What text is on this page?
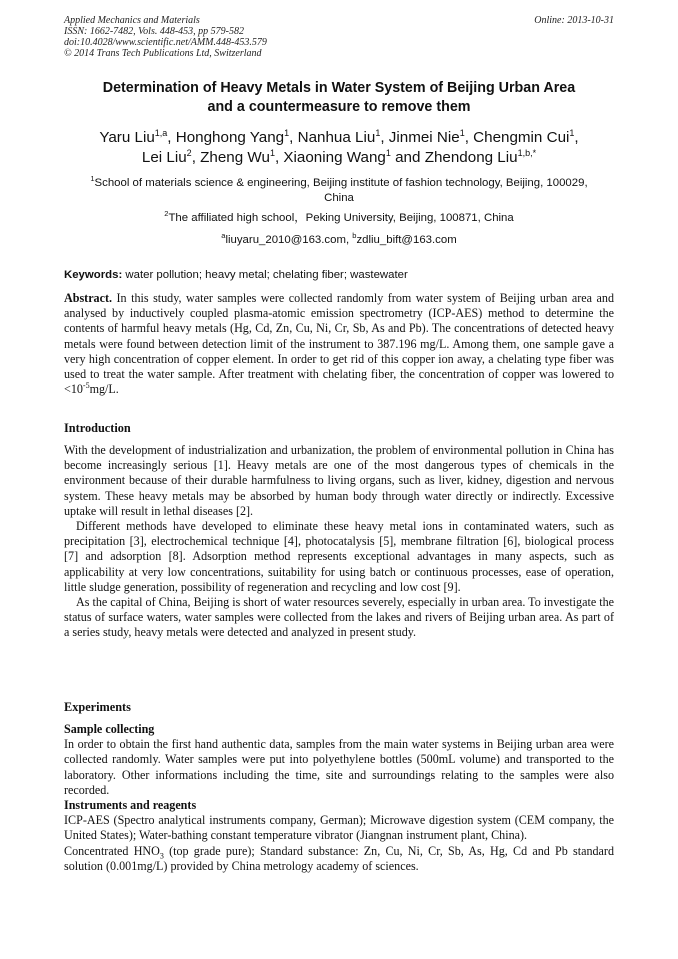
Applied Mechanics and Materials
ISSN: 1662-7482, Vols. 448-453, pp 579-582
doi:10.4028/www.scientific.net/AMM.448-453.579
© 2014 Trans Tech Publications Ltd, Switzerland
Online: 2013-10-31
Determination of Heavy Metals in Water System of Beijing Urban Area
and a countermeasure to remove them
Yaru Liu$^{1,a}$, Honghong Yang$^1$, Nanhua Liu$^1$, Jinmei Nie$^1$, Chengmin Cui$^1$,
Lei Liu$^2$, Zheng Wu$^1$, Xiaoning Wang$^1$ and Zhendong Liu$^{1,b,*}$
$^1$School of materials science & engineering, Beijing institute of fashion technology, Beijing, 100029,
China
$^2$The affiliated high school，Peking University, Beijing, 100871, China
$^a$liuyaru_2010@163.com, $^b$zdliu_bift@163.com
Keywords: water pollution; heavy metal; chelating fiber; wastewater

Abstract. In this study, water samples were collected randomly from water system of Beijing urban area and analysed by inductively coupled plasma-atomic emission spectrometry (ICP-AES) method to determine the contents of harmful heavy metals (Hg, Cd, Zn, Cu, Ni, Cr, Sb, As and Pb). The concentrations of detected heavy metals were found between detection limit of the instrument to 387.196 mg/L. Among them, one sample gave a very high concentration of copper element. In order to get rid of this copper ion away, a chelating type fiber was used to treat the water sample. After treatment with chelating fiber, the concentration of copper was lowered to $<10^{-5}mg/L$.

Introduction

With the development of industrialization and urbanization, the problem of environmental pollution in China has become increasingly serious [1]. Heavy metals are one of the most dangerous types of chemicals in the environment because of their durable harmfulness to living organs, such as liver, kidney, digestion and nervous system. These heavy metals may be absorbed by human body through water directly or indirectly. Excessive uptake will result in lethal diseases [2].

Different methods have developed to eliminate these heavy metal ions in contaminated waters, such as precipitation [3], electrochemical technique [4], photocatalysis [5], membrane filtration [6], biological process [7] and adsorption [8]. Adsorption method represents exceptional advantages in many aspects, such as applicability at very low concentrations, suitability for using batch or continuous processes, ease of operation, little sludge generation, possibility of regeneration and recycling and low cost [9].

As the capital of China, Beijing is short of water resources severely, especially in urban area. To investigate the status of surface waters, water samples were collected from the lakes and rivers of Beijing urban area. As part of a series study, heavy metals were detected and analyzed in present study.

Experiments

Sample collecting

In order to obtain the first hand authentic data, samples from the main water systems in Beijing urban area were collected randomly. Water samples were put into polyethylene bottles (500mL volume) and transported to the laboratory. Other informations including the time, site and surroundings relating to the samples were also recorded.

Instruments and reagents

ICP-AES (Spectro analytical instruments company, German); Microwave digestion system (CEM company, the United States); Water-bathing constant temperature vibrator (Jiangnan instrument plant, China).

Concentrated $HNO_3$ (top grade pure); Standard substance: Zn, Cu, Ni, Cr, Sb, As, Hg, Cd and Pb standard solution (0.001mg/L) provided by China metrology academy of sciences.
